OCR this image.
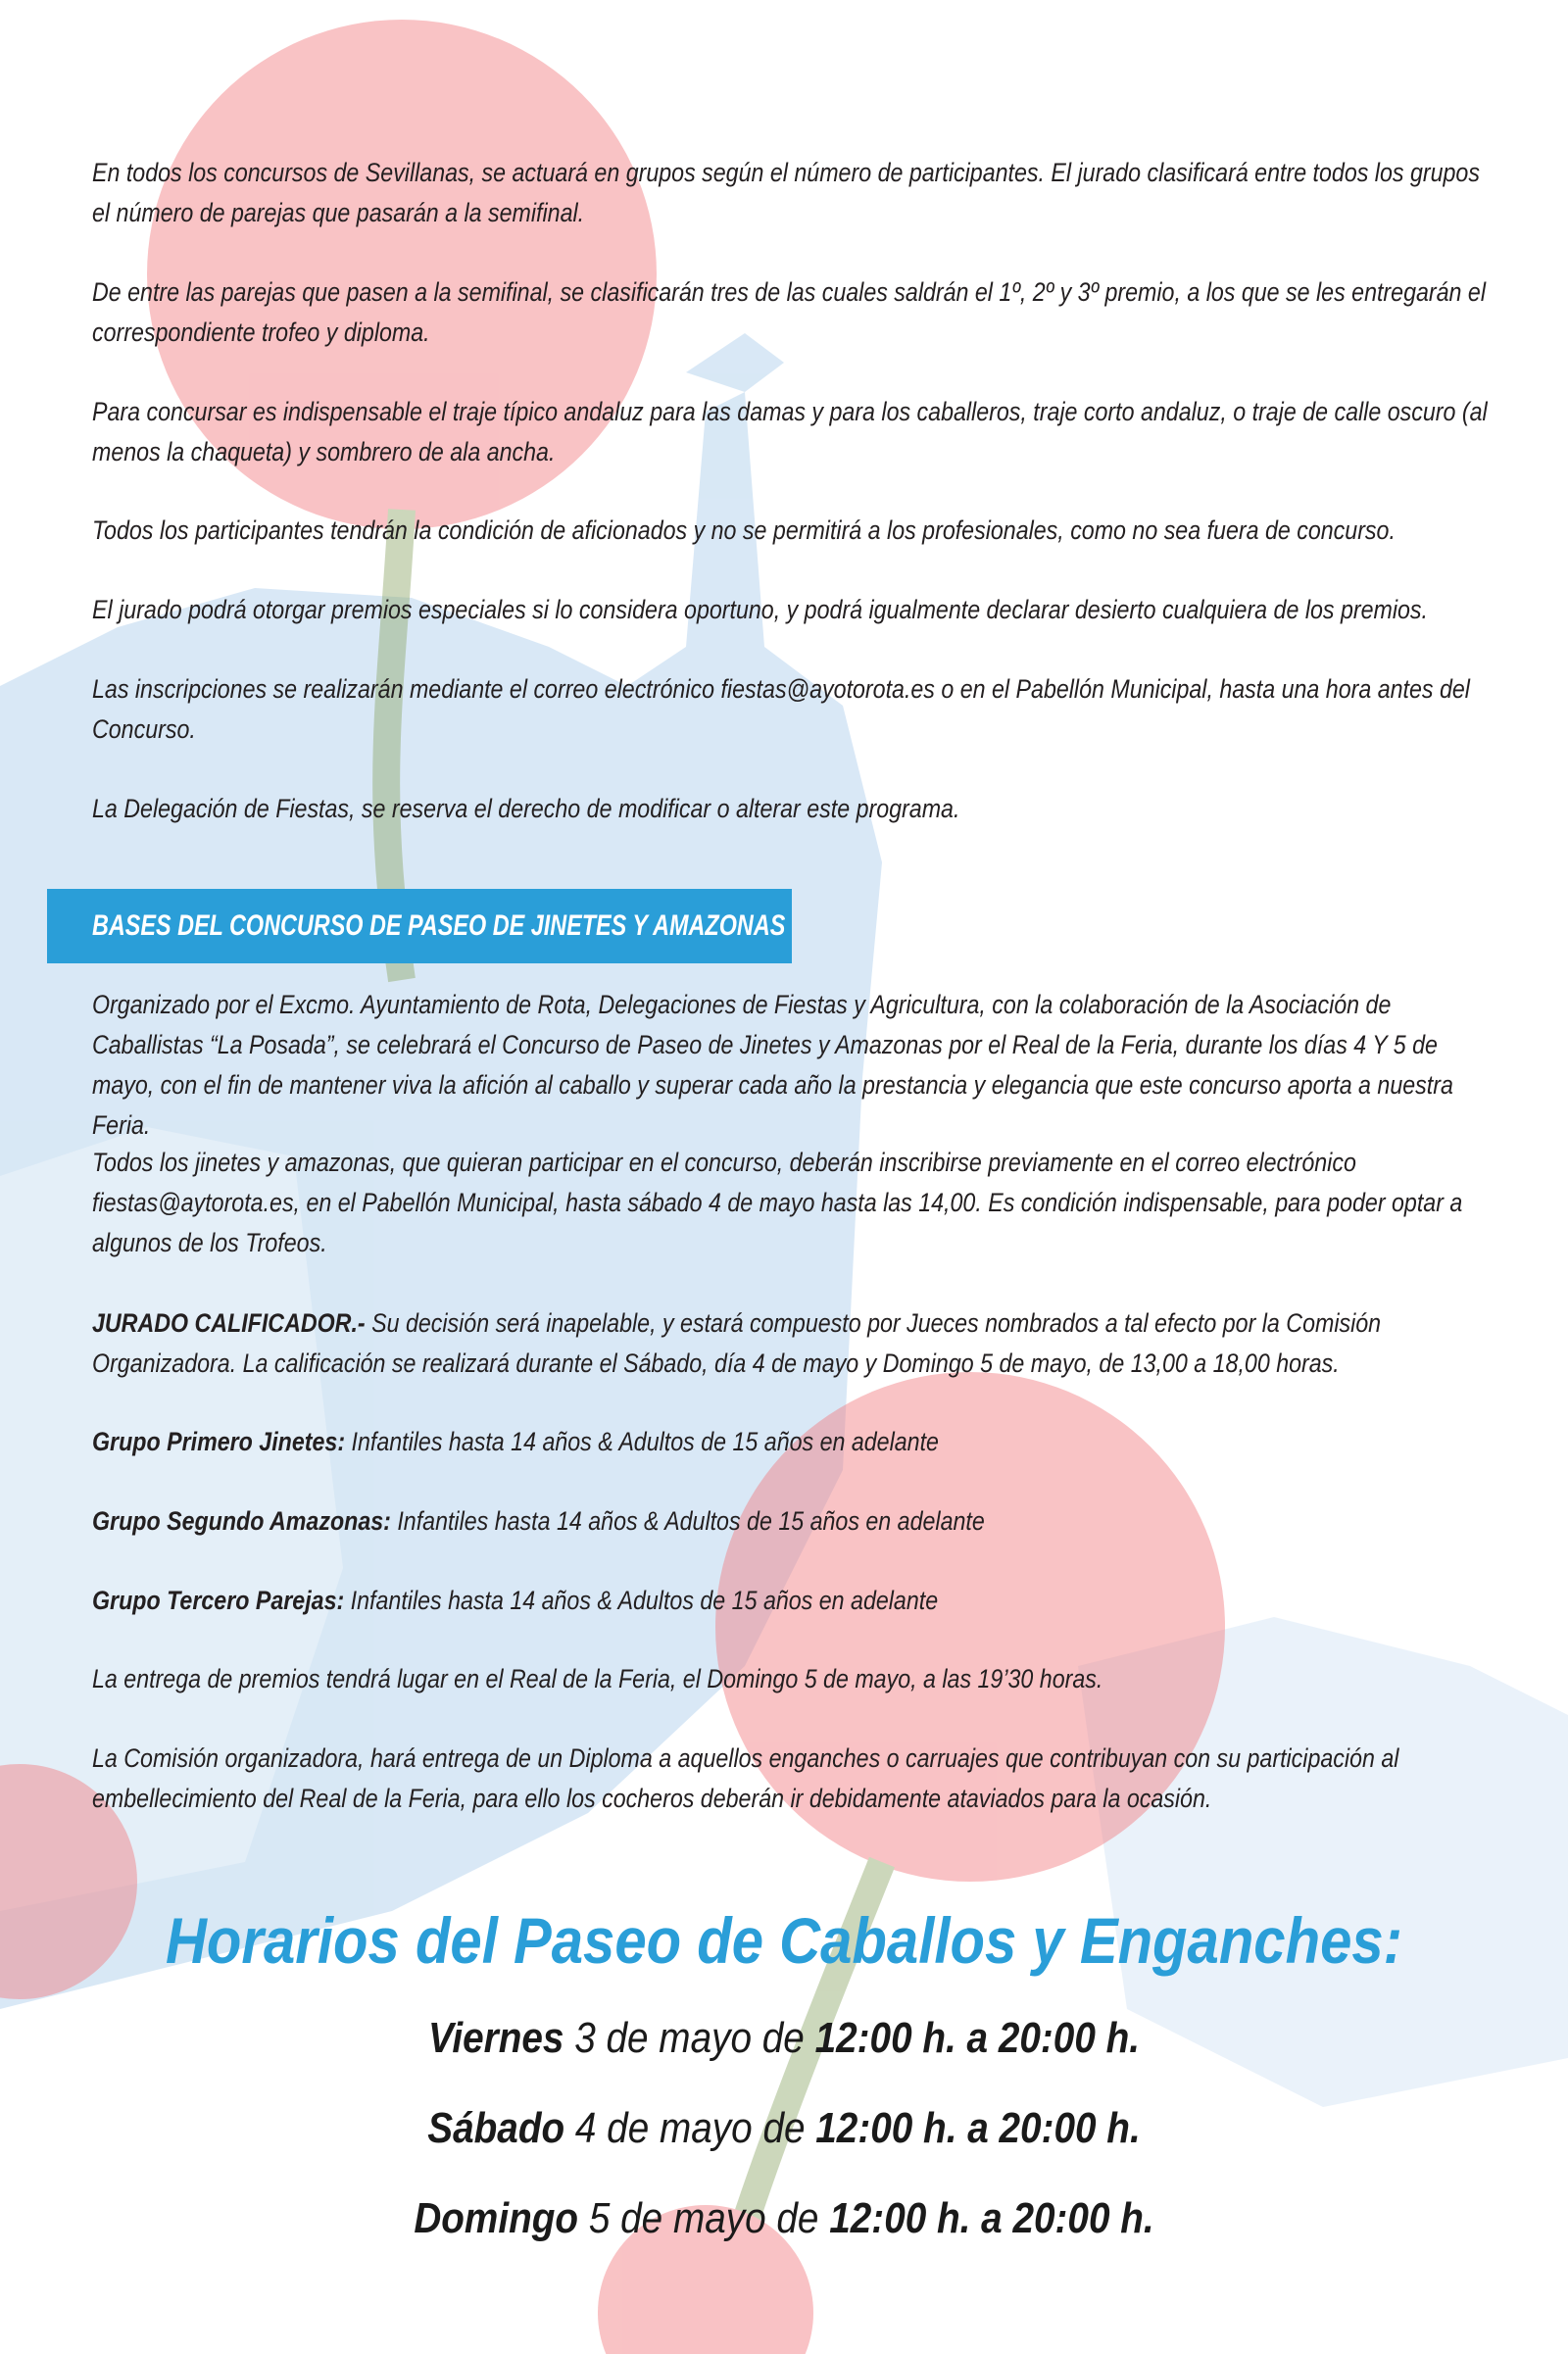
En todos los concursos de Sevillanas, se actuará en grupos según el número de participantes. El jurado clasificará entre todos los grupos el número de parejas que pasarán a la semifinal.
De entre las parejas que pasen a la semifinal, se clasificarán tres de las cuales saldrán el 1º, 2º y 3º premio, a los que se les entregarán el correspondiente trofeo y diploma.
Para concursar es indispensable el traje típico andaluz para las damas y para los caballeros, traje corto andaluz, o traje de calle oscuro (al menos la chaqueta) y sombrero de ala ancha.
Todos los participantes tendrán la condición de aficionados y no se permitirá a los profesionales, como no sea fuera de concurso.
El jurado podrá otorgar premios especiales si lo considera oportuno, y podrá igualmente declarar desierto cualquiera de los premios.
Las inscripciones se realizarán mediante el correo electrónico fiestas@ayotorota.es o en el Pabellón Municipal, hasta una hora antes del Concurso.
La Delegación de Fiestas, se reserva el derecho de modificar o alterar este programa.
BASES DEL CONCURSO DE PASEO DE JINETES Y AMAZONAS
Organizado por el Excmo. Ayuntamiento de Rota, Delegaciones de Fiestas y Agricultura, con la colaboración de la Asociación de Caballistas “La Posada”, se celebrará el Concurso de Paseo de Jinetes y Amazonas por el Real de la Feria, durante los días 4 Y 5 de mayo, con el fin de mantener viva la afición al caballo y superar cada año la prestancia y elegancia que este concurso aporta a nuestra Feria.
Todos los jinetes y amazonas, que quieran participar en el concurso, deberán inscribirse previamente en el correo electrónico fiestas@aytorota.es, en el Pabellón Municipal, hasta sábado 4 de mayo hasta las 14,00. Es condición indispensable, para poder optar a algunos de los Trofeos.
JURADO CALIFICADOR.- Su decisión será inapelable, y estará compuesto por Jueces nombrados a tal efecto por la Comisión Organizadora. La calificación se realizará durante el Sábado, día 4 de mayo y Domingo 5 de mayo, de 13,00 a 18,00 horas.
Grupo Primero Jinetes: Infantiles hasta 14 años & Adultos de 15 años en adelante
Grupo Segundo Amazonas: Infantiles hasta 14 años & Adultos de 15 años en adelante
Grupo Tercero Parejas: Infantiles hasta 14 años & Adultos de 15 años en adelante
La entrega de premios tendrá lugar en el Real de la Feria, el Domingo 5 de mayo, a las 19’30 horas.
La Comisión organizadora, hará entrega de un Diploma a aquellos enganches o carruajes que contribuyan con su participación al embellecimiento del Real de la Feria, para ello los cocheros deberán ir debidamente ataviados para la ocasión.
Horarios del Paseo de Caballos y Enganches:
Viernes 3 de mayo de 12:00 h. a 20:00 h.
Sábado 4 de mayo de 12:00 h. a 20:00 h.
Domingo 5 de mayo de 12:00 h. a 20:00 h.
